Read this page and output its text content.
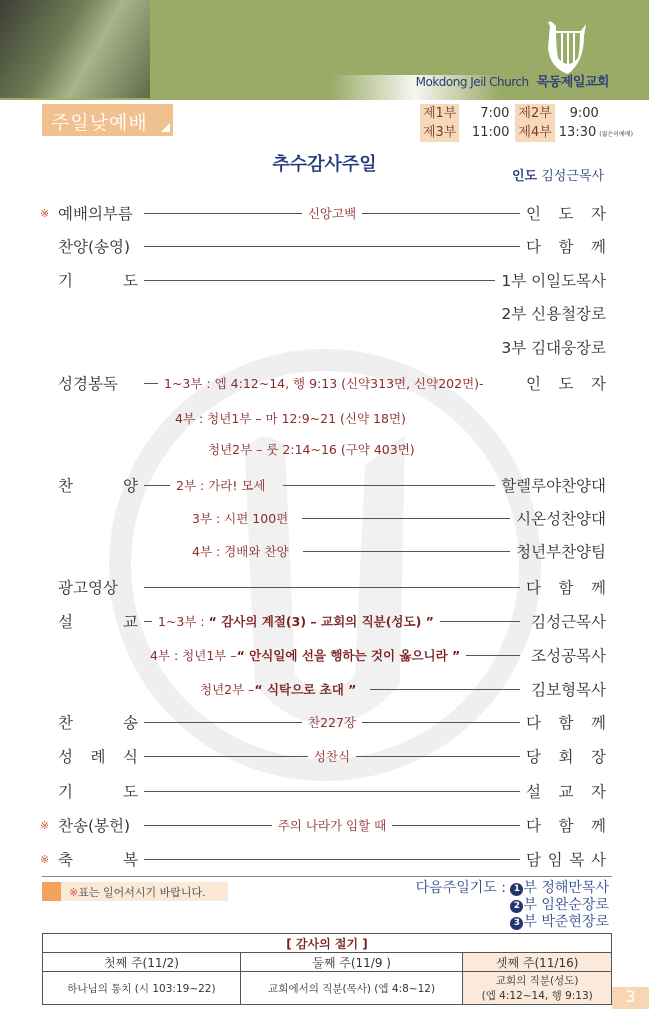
Mokdong Jeil Church 목동제일교회
주일낮예배	제1부 7:00 제2부 9:00
제3부 11:00 제4부 13:30 (젊은이예배)
추수감사주일
인도 김성근목사
※ 예배의부름	신앙고백	인 도 자
찬양(송영)	다 함 께
기 도	1부 이일도목사
2부 신용철장로
3부 김대웅장로
성경봉독	1~3부 : 엡 4:12~14, 행 9:13 (신약313면, 신약202면)-	인 도 자
4부 : 청년1부 – 마 12:9~21 (신약 18면)
청년2부 – 룻 2:14~16 (구약 403면)
찬 양	2부 : 가라! 모세	할렐루야찬양대
3부 : 시편 100편	시온성찬양대
4부 : 경배와 찬양	청년부찬양팀
광고영상	다 함 께
설 교 1~3부 : “ 감사의 계절(3) – 교회의 직분(성도) ”	김성근목사
4부 : 청년1부 –“ 안식일에 선을 행하는 것이 옳으니라 ”	조성공목사
청년2부 –“ 식탁으로 초대 ”	김보형목사
찬 송	찬227장	다 함 께
성 례 식	성찬식	당 회 장
기 도	설 교 자
※ 찬송(봉헌)	주의 나라가 임할 때	다 함 께
※ 축 복	담 임 목 사
※표는 일어서시기 바랍니다.	다음주일기도 : 1 부 정해만목사
2 부 임완순장로
3 부 박준현장로
[ 감사의 절기 ]		
첫째 주(11/2)	둘째 주(11/9 )	셋째 주(11/16)
하나님의 통치 (시 103:19~22)	교회에서의 직분(목사) (엡 4:8~12)	교회의 직분(성도)
(엡 4:12~14, 행 9:13)	3
